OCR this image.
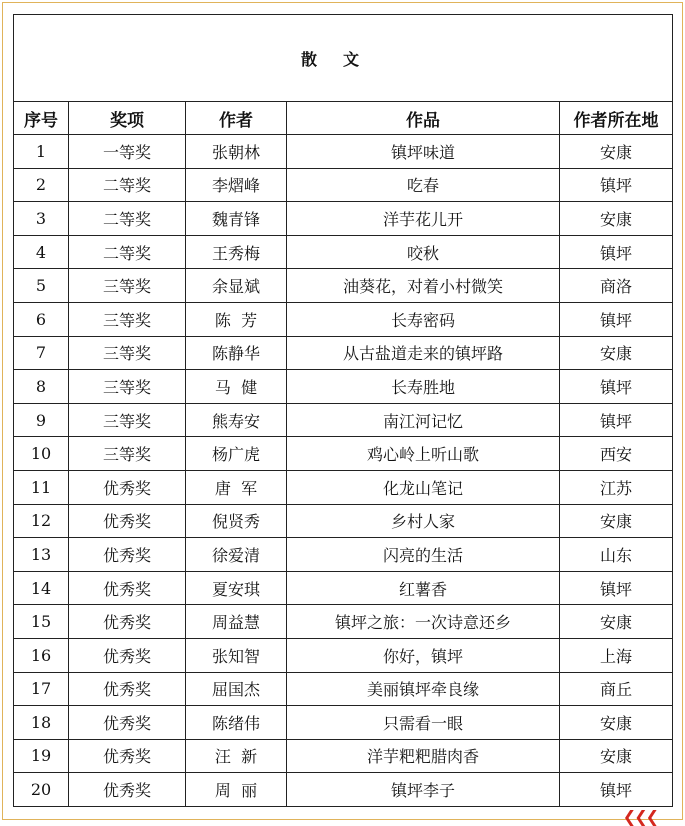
散文				
序号	奖项	作者	作品	作者所在地
1	一等奖	张朝林	镇坪味道	安康
2	二等奖	李熠峰	吃春	镇坪
3	二等奖	魏青锋	洋芋花儿开	安康
4	二等奖	王秀梅	咬秋	镇坪
5	三等奖	余显斌	油葵花，对着小村微笑	商洛
6	三等奖	陈  芳	长寿密码	镇坪
7	三等奖	陈静华	从古盐道走来的镇坪路	安康
8	三等奖	马  健	长寿胜地	镇坪
9	三等奖	熊寿安	南江河记忆	镇坪
10	三等奖	杨广虎	鸡心岭上听山歌	西安
11	优秀奖	唐  军	化龙山笔记	江苏
12	优秀奖	倪贤秀	乡村人家	安康
13	优秀奖	徐爱清	闪亮的生活	山东
14	优秀奖	夏安琪	红薯香	镇坪
15	优秀奖	周益慧	镇坪之旅：一次诗意还乡	安康
16	优秀奖	张知智	你好，镇坪	上海
17	优秀奖	屈国杰	美丽镇坪牵良缘	商丘
18	优秀奖	陈绪伟	只需看一眼	安康
19	优秀奖	汪  新	洋芋粑粑腊肉香	安康
20	优秀奖	周  丽	镇坪李子	镇坪
❮❮❮
